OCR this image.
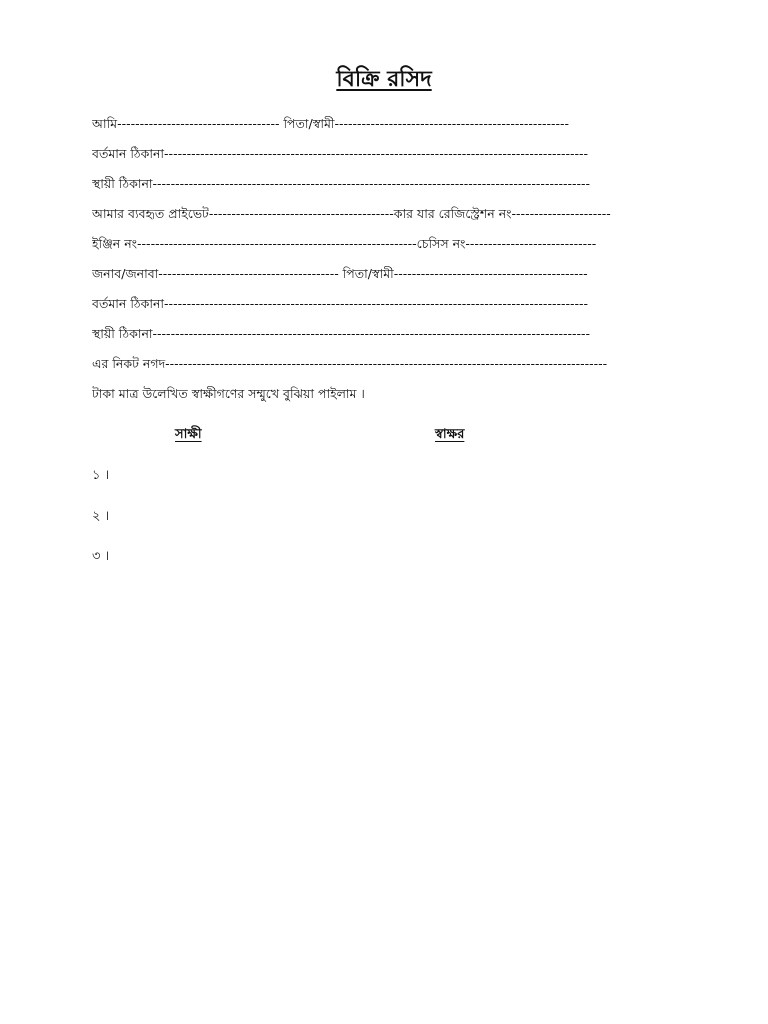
বিক্রি রসিদ
আমি------------------------------------ পিতা/স্বামী----------------------------------------------------
বর্তমান ঠিকানা----------------------------------------------------------------------------------------------
স্থায়ী ঠিকানা-------------------------------------------------------------------------------------------------
আমার ব্যবহৃত প্রাইভেট-----------------------------------------কার যার রেজিস্ট্রেশন নং----------------------
ইঞ্জিন নং--------------------------------------------------------------চেসিস নং-----------------------------
জনাব/জনাবা---------------------------------------- পিতা/স্বামী-------------------------------------------
বর্তমান ঠিকানা----------------------------------------------------------------------------------------------
স্থায়ী ঠিকানা-------------------------------------------------------------------------------------------------
এর নিকট নগদ--------------------------------------------------------------------------------------------------
টাকা মাত্র উলেখিত স্বাক্ষীগণের সম্মুখে বুঝিয়া পাইলাম ।
সাক্ষী	স্বাক্ষর
১ ।
২ ।
৩ ।
